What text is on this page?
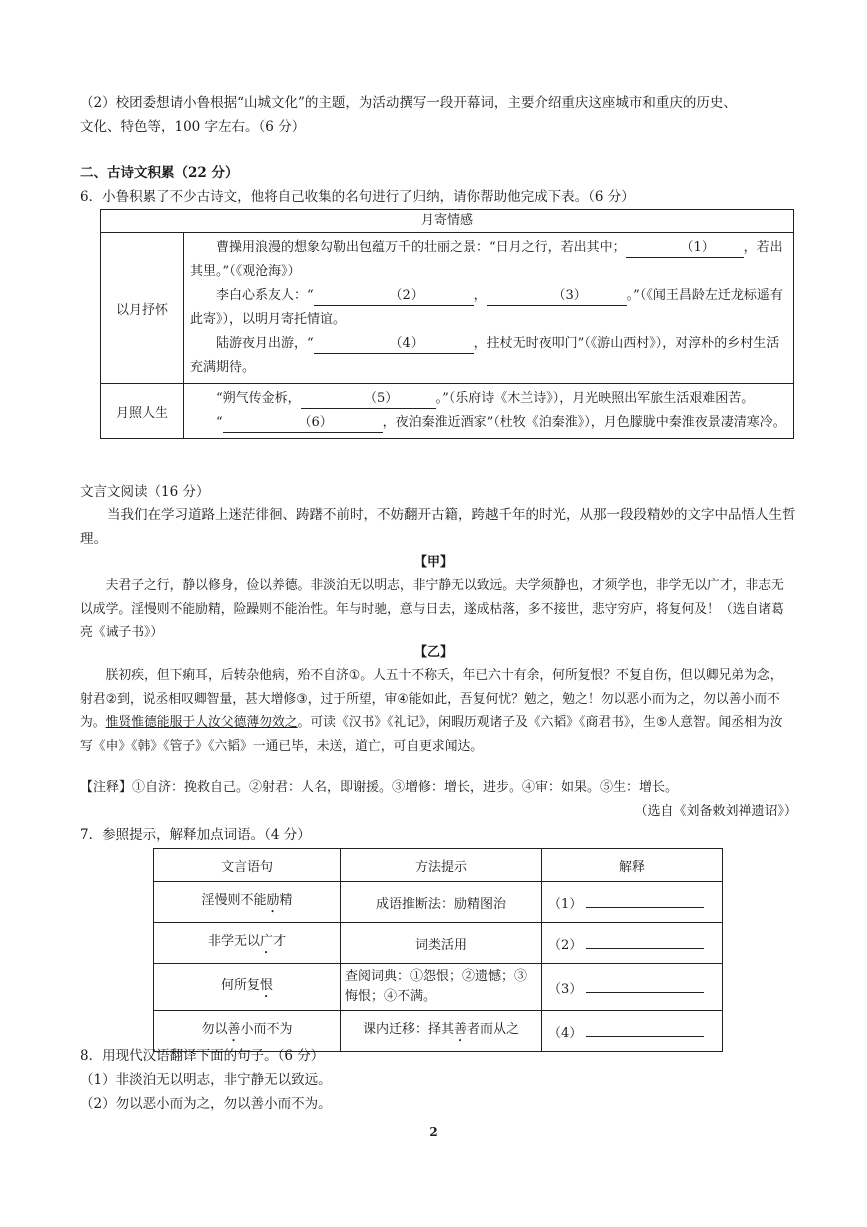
（2）校团委想请小鲁根据“山城文化”的主题，为活动撰写一段开幕词，主要介绍重庆这座城市和重庆的历史、
文化、特色等，100 字左右。（6 分）
二、古诗文积累（22 分）
6．小鲁积累了不少古诗文，他将自己收集的名句进行了归纳，请你帮助他完成下表。（6 分）
月寄情感	
以月抒怀	曹操用浪漫的想象勾勒出包蕴万千的壮丽之景：“日月之行，若出其中； （1） ，若出其里。”（《观沧海》）
李白心系友人：“ （2） ， （3） 。”（《闻王昌龄左迁龙标遥有此寄》），以明月寄托情谊。
陆游夜月出游，“ （4） ，拄杖无时夜叩门”（《游山西村》），对淳朴的乡村生活充满期待。

月照人生	“朔气传金柝， （5） 。”（乐府诗《木兰诗》），月光映照出军旅生活艰难困苦。
“ （6） ，夜泊秦淮近酒家”（杜牧《泊秦淮》），月色朦胧中秦淮夜景凄清寒冷。
文言文阅读（16 分）
当我们在学习道路上迷茫徘徊、踌躇不前时，不妨翻开古籍，跨越千年的时光，从那一段段精妙的文字中品悟人生哲理。
【甲】
夫君子之行，静以修身，俭以养德。非淡泊无以明志，非宁静无以致远。夫学须静也，才须学也，非学无以广才，非志无以成学。淫慢则不能励精，险躁则不能治性。年与时驰，意与日去，遂成枯落，多不接世，悲守穷庐，将复何及！（选自诸葛亮《诫子书》）
【乙】
朕初疾，但下痢耳，后转杂他病，殆不自济①。人五十不称夭，年已六十有余，何所复恨？不复自伤，但以卿兄弟为念，射君②到，说丞相叹卿智量，甚大增修③，过于所望，审④能如此，吾复何忧？勉之，勉之！勿以恶小而为之，勿以善小而不为。惟贤惟德能服于人汝父德薄勿效之。可读《汉书》《礼记》，闲暇历观诸子及《六韬》《商君书》，生⑤人意智。闻丞相为汝写《申》《韩》《管子》《六韬》一通已毕，未送，道亡，可自更求闻达。
【注释】①自济：挽救自己。②射君：人名，即谢援。③增修：增长，进步。④审：如果。⑤生：增长。
（选自《刘备敕刘禅遗诏》）
7．参照提示，解释加点词语。（4 分）
文言语句	方法提示	解释
淫慢则不能励精	成语推断法：励精图治	（1）
非学无以广才	词类活用	（2）
何所复恨	查阅词典：①怨恨；②遗憾；③悔恨；④不满。	（3）
勿以善小而不为	课内迁移：择其善者而从之	（4）
8．用现代汉语翻译下面的句子。（6 分）
（1）非淡泊无以明志，非宁静无以致远。
（2）勿以恶小而为之，勿以善小而不为。
2
